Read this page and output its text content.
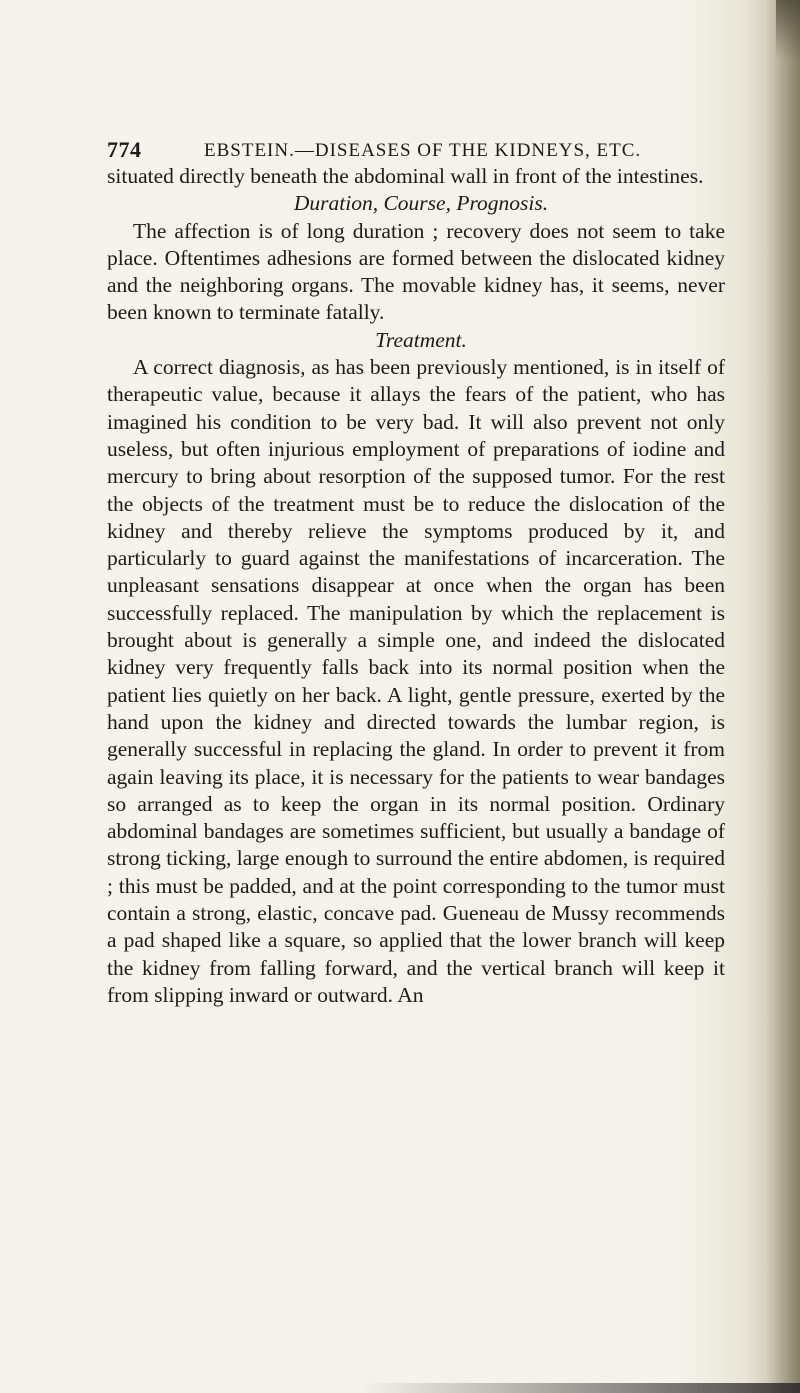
774	EBSTEIN.—DISEASES OF THE KIDNEYS, ETC.

situated directly beneath the abdominal wall in front of the intestines.

Duration, Course, Prognosis.

The affection is of long duration ; recovery does not seem to take place. Oftentimes adhesions are formed between the dislocated kidney and the neighboring organs. The movable kidney has, it seems, never been known to terminate fatally.

Treatment.

A correct diagnosis, as has been previously mentioned, is in itself of therapeutic value, because it allays the fears of the patient, who has imagined his condition to be very bad. It will also prevent not only useless, but often injurious employment of preparations of iodine and mercury to bring about resorption of the supposed tumor. For the rest the objects of the treatment must be to reduce the dislocation of the kidney and thereby relieve the symptoms produced by it, and particularly to guard against the manifestations of incarceration. The unpleasant sensations disappear at once when the organ has been successfully replaced. The manipulation by which the replacement is brought about is generally a simple one, and indeed the dislocated kidney very frequently falls back into its normal position when the patient lies quietly on her back. A light, gentle pressure, exerted by the hand upon the kidney and directed towards the lumbar region, is generally successful in replacing the gland. In order to prevent it from again leaving its place, it is necessary for the patients to wear bandages so arranged as to keep the organ in its normal position. Ordinary abdominal bandages are sometimes sufficient, but usually a bandage of strong ticking, large enough to surround the entire abdomen, is required ; this must be padded, and at the point corresponding to the tumor must contain a strong, elastic, concave pad. Gueneau de Mussy recommends a pad shaped like a square, so applied that the lower branch will keep the kidney from falling forward, and the vertical branch will keep it from slipping inward or outward. An
